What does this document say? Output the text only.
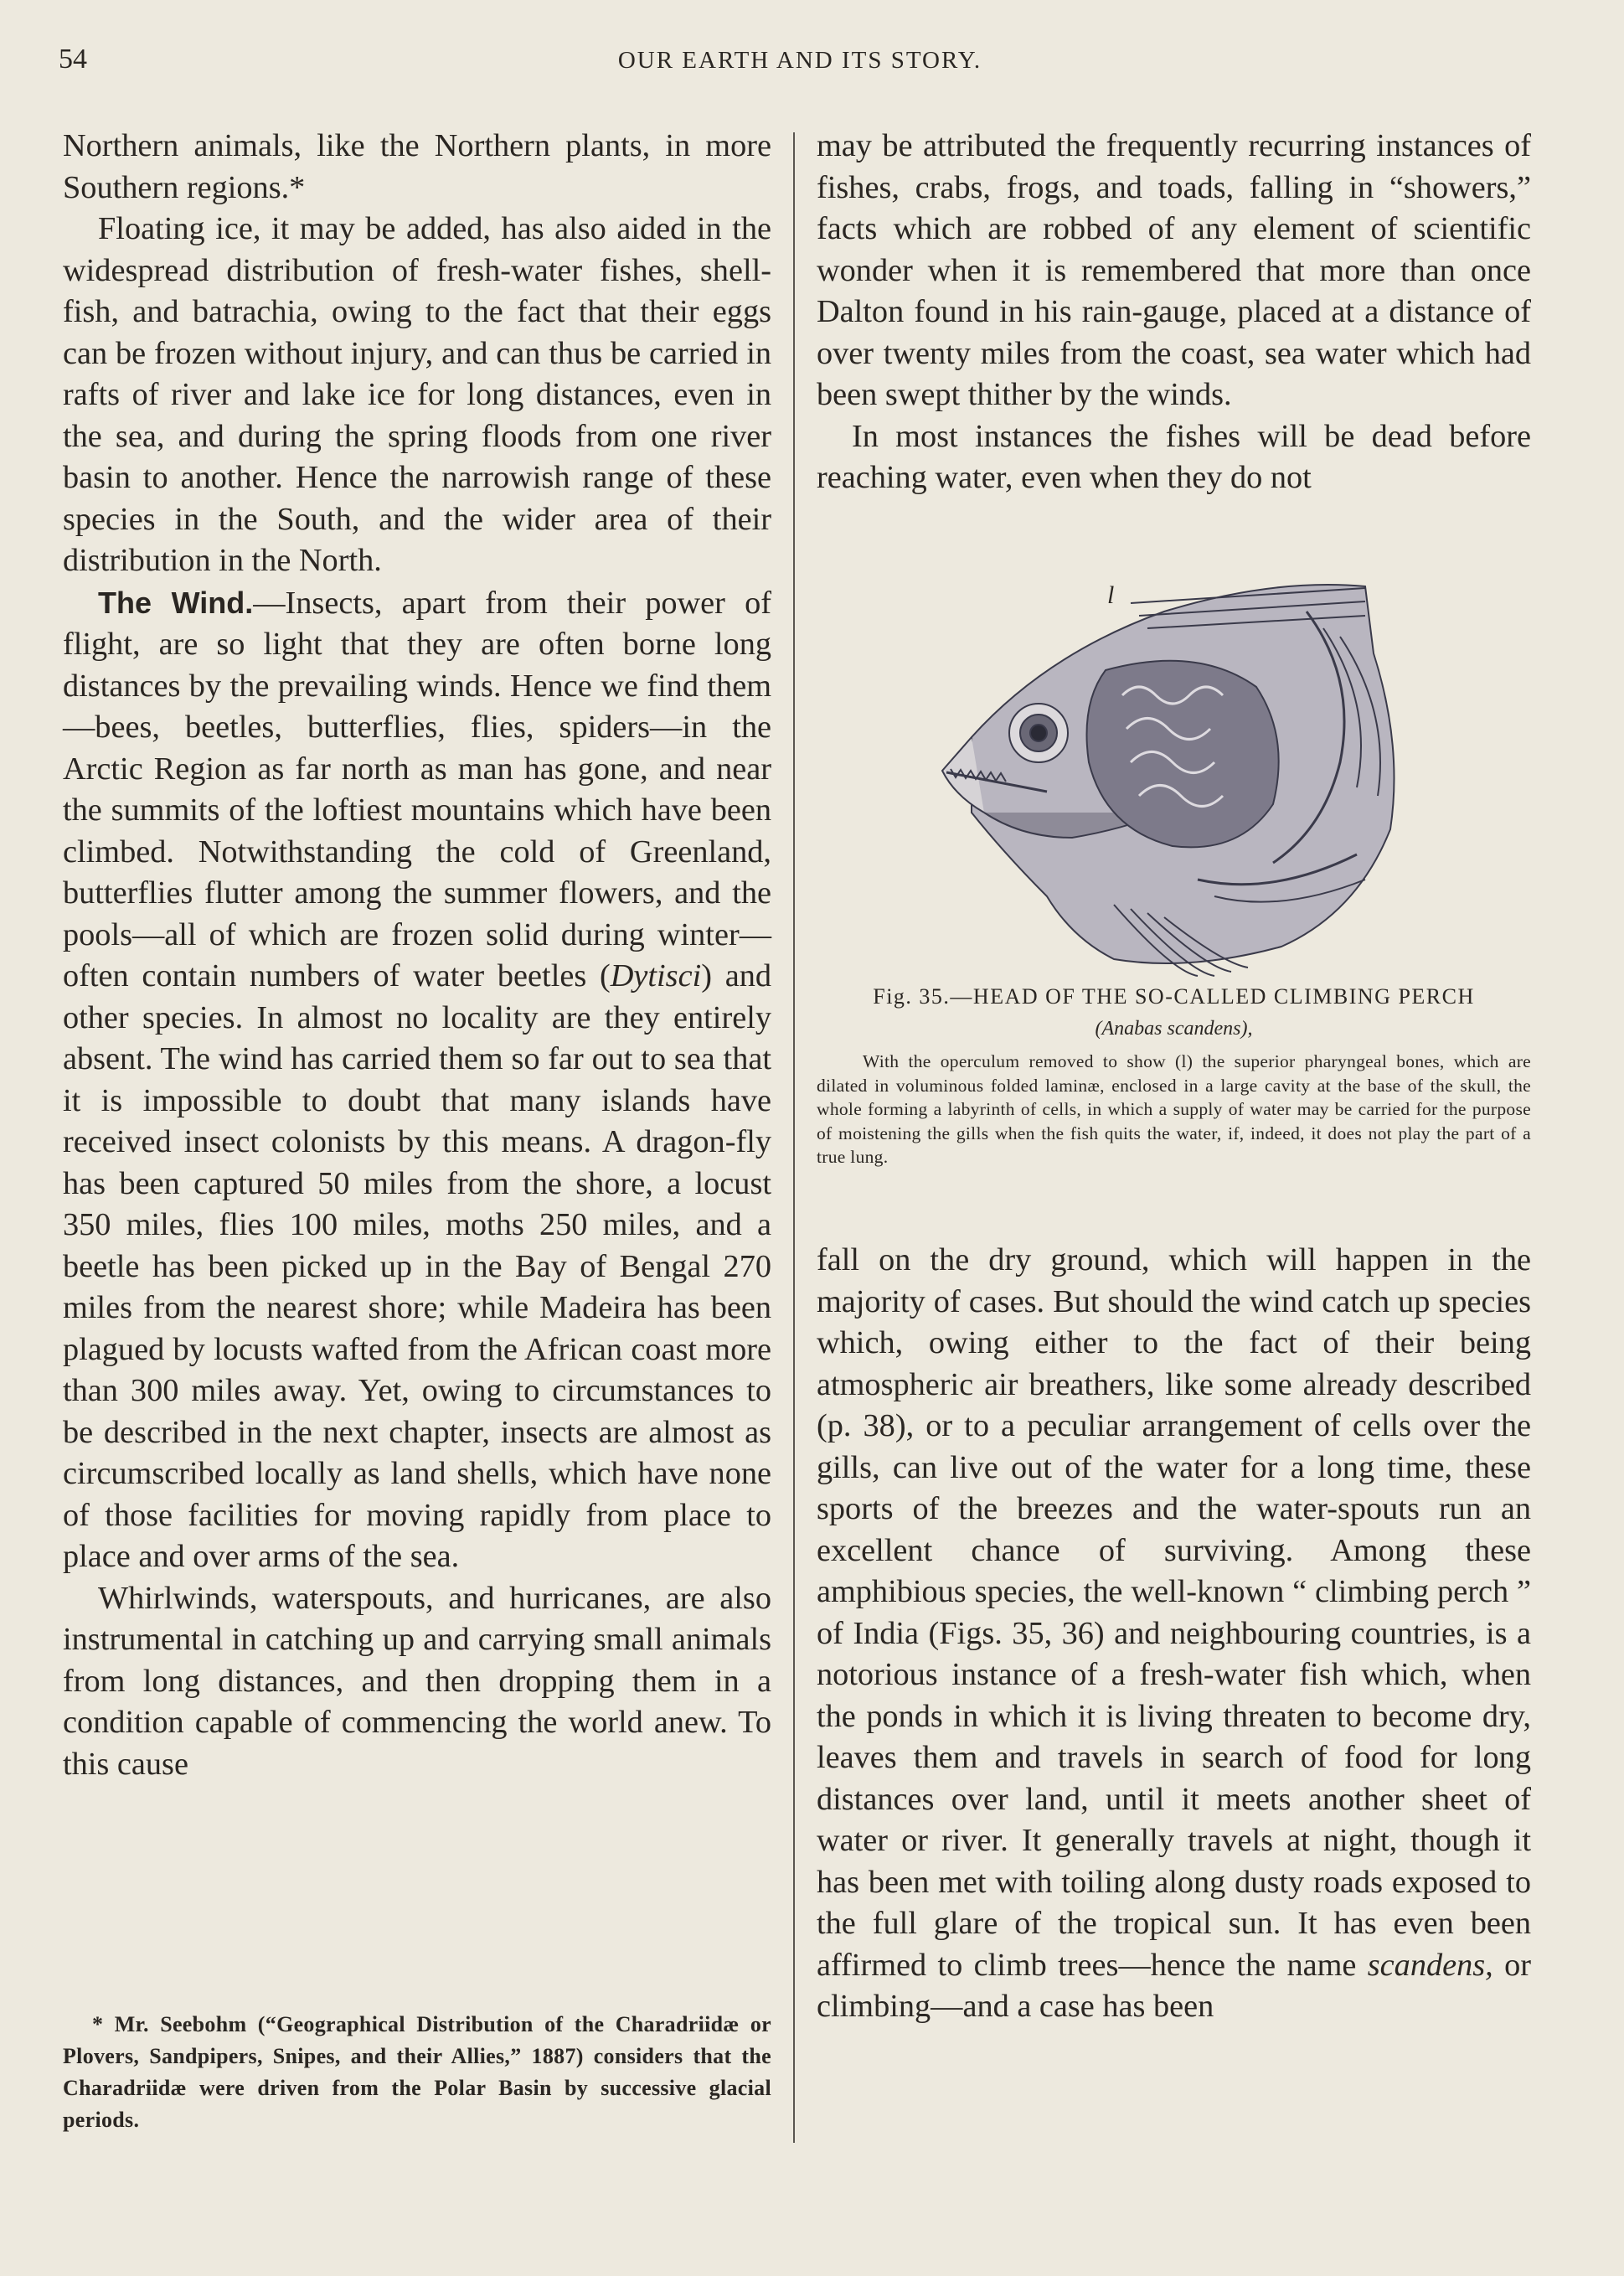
54	OUR EARTH AND ITS STORY.

Northern animals, like the Northern plants, in more Southern regions.*

Floating ice, it may be added, has also aided in the widespread distribution of fresh-water fishes, shell-fish, and batrachia, owing to the fact that their eggs can be frozen without injury, and can thus be carried in rafts of river and lake ice for long distances, even in the sea, and during the spring floods from one river basin to another. Hence the narrowish range of these species in the South, and the wider area of their distribution in the North.

The Wind.—Insects, apart from their power of flight, are so light that they are often borne long distances by the prevailing winds. Hence we find them—bees, beetles, butterflies, flies, spiders—in the Arctic Region as far north as man has gone, and near the summits of the loftiest mountains which have been climbed. Notwithstanding the cold of Greenland, butterflies flutter among the summer flowers, and the pools—all of which are frozen solid during winter—often contain numbers of water beetles (Dytisci) and other species. In almost no locality are they entirely absent. The wind has carried them so far out to sea that it is impossible to doubt that many islands have received insect colonists by this means. A dragon-fly has been captured 50 miles from the shore, a locust 350 miles, flies 100 miles, moths 250 miles, and a beetle has been picked up in the Bay of Bengal 270 miles from the nearest shore; while Madeira has been plagued by locusts wafted from the African coast more than 300 miles away. Yet, owing to circumstances to be described in the next chapter, insects are almost as circumscribed locally as land shells, which have none of those facilities for moving rapidly from place to place and over arms of the sea.

Whirlwinds, waterspouts, and hurricanes, are also instrumental in catching up and carrying small animals from long distances, and then dropping them in a condition capable of commencing the world anew. To this cause

* Mr. Seebohm (“Geographical Distribution of the Charadriidæ or Plovers, Sandpipers, Snipes, and their Allies,” 1887) considers that the Charadriidæ were driven from the Polar Basin by successive glacial periods.

may be attributed the frequently recurring instances of fishes, crabs, frogs, and toads, falling in “showers,” facts which are robbed of any element of scientific wonder when it is remembered that more than once Dalton found in his rain-gauge, placed at a distance of over twenty miles from the coast, sea water which had been swept thither by the winds.

In most instances the fishes will be dead before reaching water, even when they do not

l
Fig. 35.—HEAD OF THE SO-CALLED CLIMBING PERCH
(Anabas scandens),
With the operculum removed to show (l) the superior pharyngeal bones, which are dilated in voluminous folded laminæ, enclosed in a large cavity at the base of the skull, the whole forming a labyrinth of cells, in which a supply of water may be carried for the purpose of moistening the gills when the fish quits the water, if, indeed, it does not play the part of a true lung.

fall on the dry ground, which will happen in the majority of cases. But should the wind catch up species which, owing either to the fact of their being atmospheric air breathers, like some already described (p. 38), or to a peculiar arrangement of cells over the gills, can live out of the water for a long time, these sports of the breezes and the water-spouts run an excellent chance of surviving. Among these amphibious species, the well-known “ climbing perch ” of India (Figs. 35, 36) and neighbouring countries, is a notorious instance of a fresh-water fish which, when the ponds in which it is living threaten to become dry, leaves them and travels in search of food for long distances over land, until it meets another sheet of water or river. It generally travels at night, though it has been met with toiling along dusty roads exposed to the full glare of the tropical sun. It has even been affirmed to climb trees—hence the name scandens, or climbing—and a case has been
